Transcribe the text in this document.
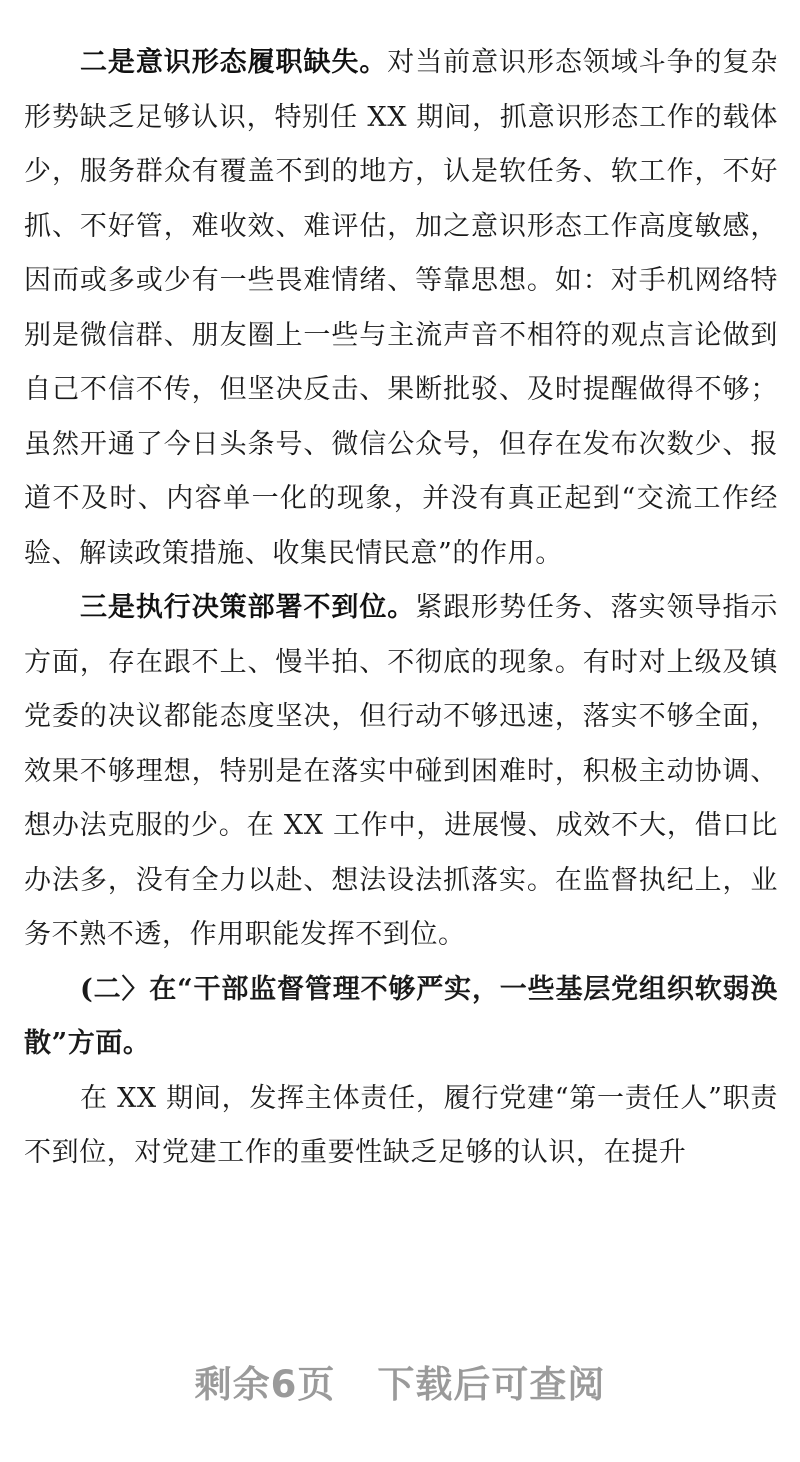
二是意识形态履职缺失。对当前意识形态领域斗争的复杂形势缺乏足够认识，特别任 XX 期间，抓意识形态工作的载体少，服务群众有覆盖不到的地方，认是软任务、软工作，不好抓、不好管，难收效、难评估，加之意识形态工作高度敏感，因而或多或少有一些畏难情绪、等靠思想。如：对手机网络特别是微信群、朋友圈上一些与主流声音不相符的观点言论做到自己不信不传，但坚决反击、果断批驳、及时提醒做得不够；虽然开通了今日头条号、微信公众号，但存在发布次数少、报道不及时、内容单一化的现象，并没有真正起到“交流工作经验、解读政策措施、收集民情民意”的作用。

三是执行决策部署不到位。紧跟形势任务、落实领导指示方面，存在跟不上、慢半拍、不彻底的现象。有时对上级及镇党委的决议都能态度坚决，但行动不够迅速，落实不够全面，效果不够理想，特别是在落实中碰到困难时，积极主动协调、想办法克服的少。在 XX 工作中，进展慢、成效不大，借口比办法多，没有全力以赴、想法设法抓落实。在监督执纪上，业务不熟不透，作用职能发挥不到位。

(二〉在“干部监督管理不够严实，一些基层党组织软弱涣散”方面。

在 XX 期间，发挥主体责任，履行党建“第一责任人”职责不到位，对党建工作的重要性缺乏足够的认识，在提升

剩余6页 下载后可查阅
